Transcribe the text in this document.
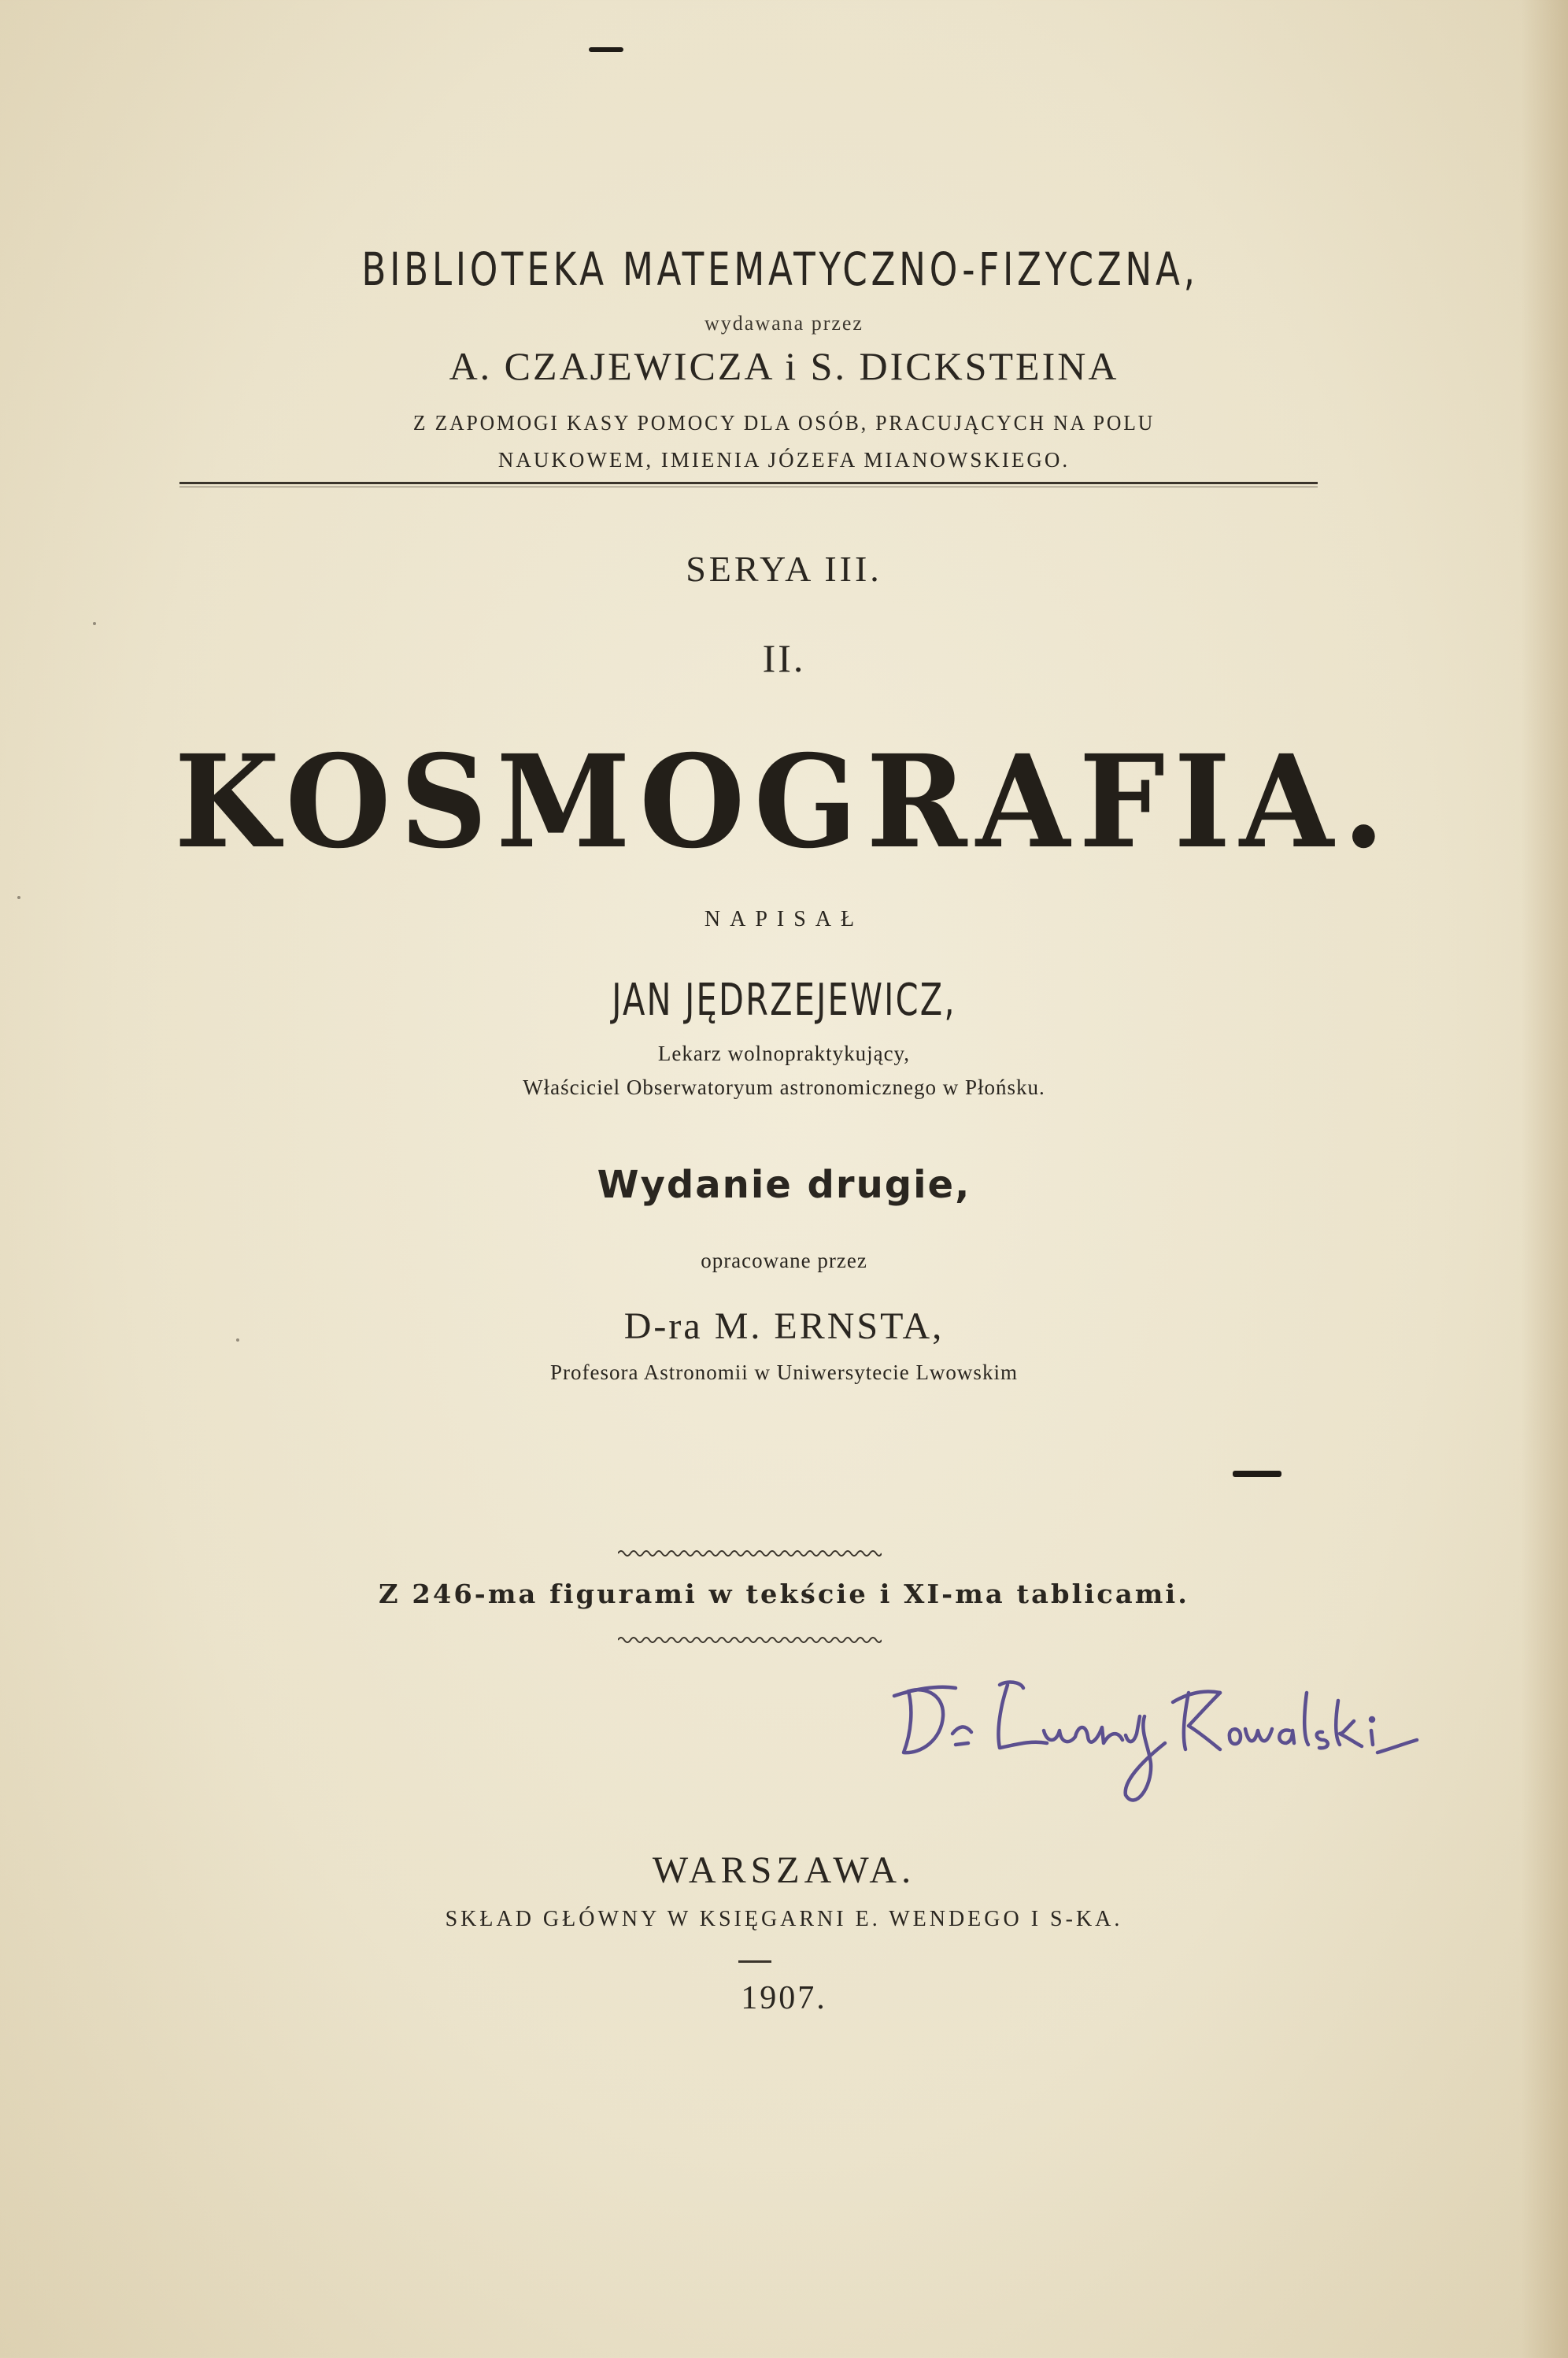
BIBLIOTEKA MATEMATYCZNO-FIZYCZNA,
wydawana przez
A. CZAJEWICZA i S. DICKSTEINA
Z ZAPOMOGI KASY POMOCY DLA OSÓB, PRACUJĄCYCH NA POLU
NAUKOWEM, IMIENIA JÓZEFA MIANOWSKIEGO.
SERYA III.
II.
KOSMOGRAFIA.
NAPISAŁ
JAN JĘDRZEJEWICZ,
Lekarz wolnopraktykujący,
Właściciel Obserwatoryum astronomicznego w Płońsku.
Wydanie drugie,
opracowane przez
D-ra M. ERNSTA,
Profesora Astronomii w Uniwersytecie Lwowskim
Z 246-ma figurami w tekście i XI-ma tablicami.
WARSZAWA.
SKŁAD GŁÓWNY W KSIĘGARNI E. WENDEGO I S-KA.
1907.
